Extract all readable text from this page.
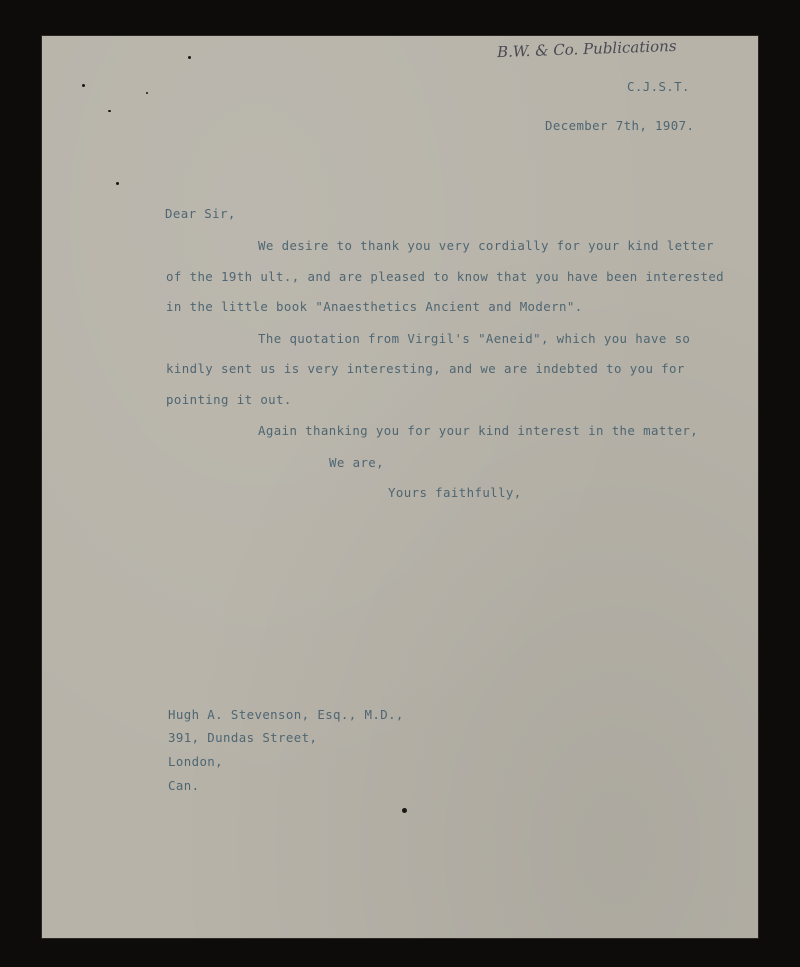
B.W. & Co. Publications
C.J.S.T.
December 7th, 1907.
Dear Sir,
We desire to thank you very cordially for your kind letter
of the 19th ult., and are pleased to know that you have been interested
in the little book "Anaesthetics Ancient and Modern".
The quotation from Virgil's "Aeneid", which you have so
kindly sent us is very interesting, and we are indebted to you for
pointing it out.
Again thanking you for your kind interest in the matter,
We are,
Yours faithfully,
Hugh A. Stevenson, Esq., M.D.,
391, Dundas Street,
London,
Can.
